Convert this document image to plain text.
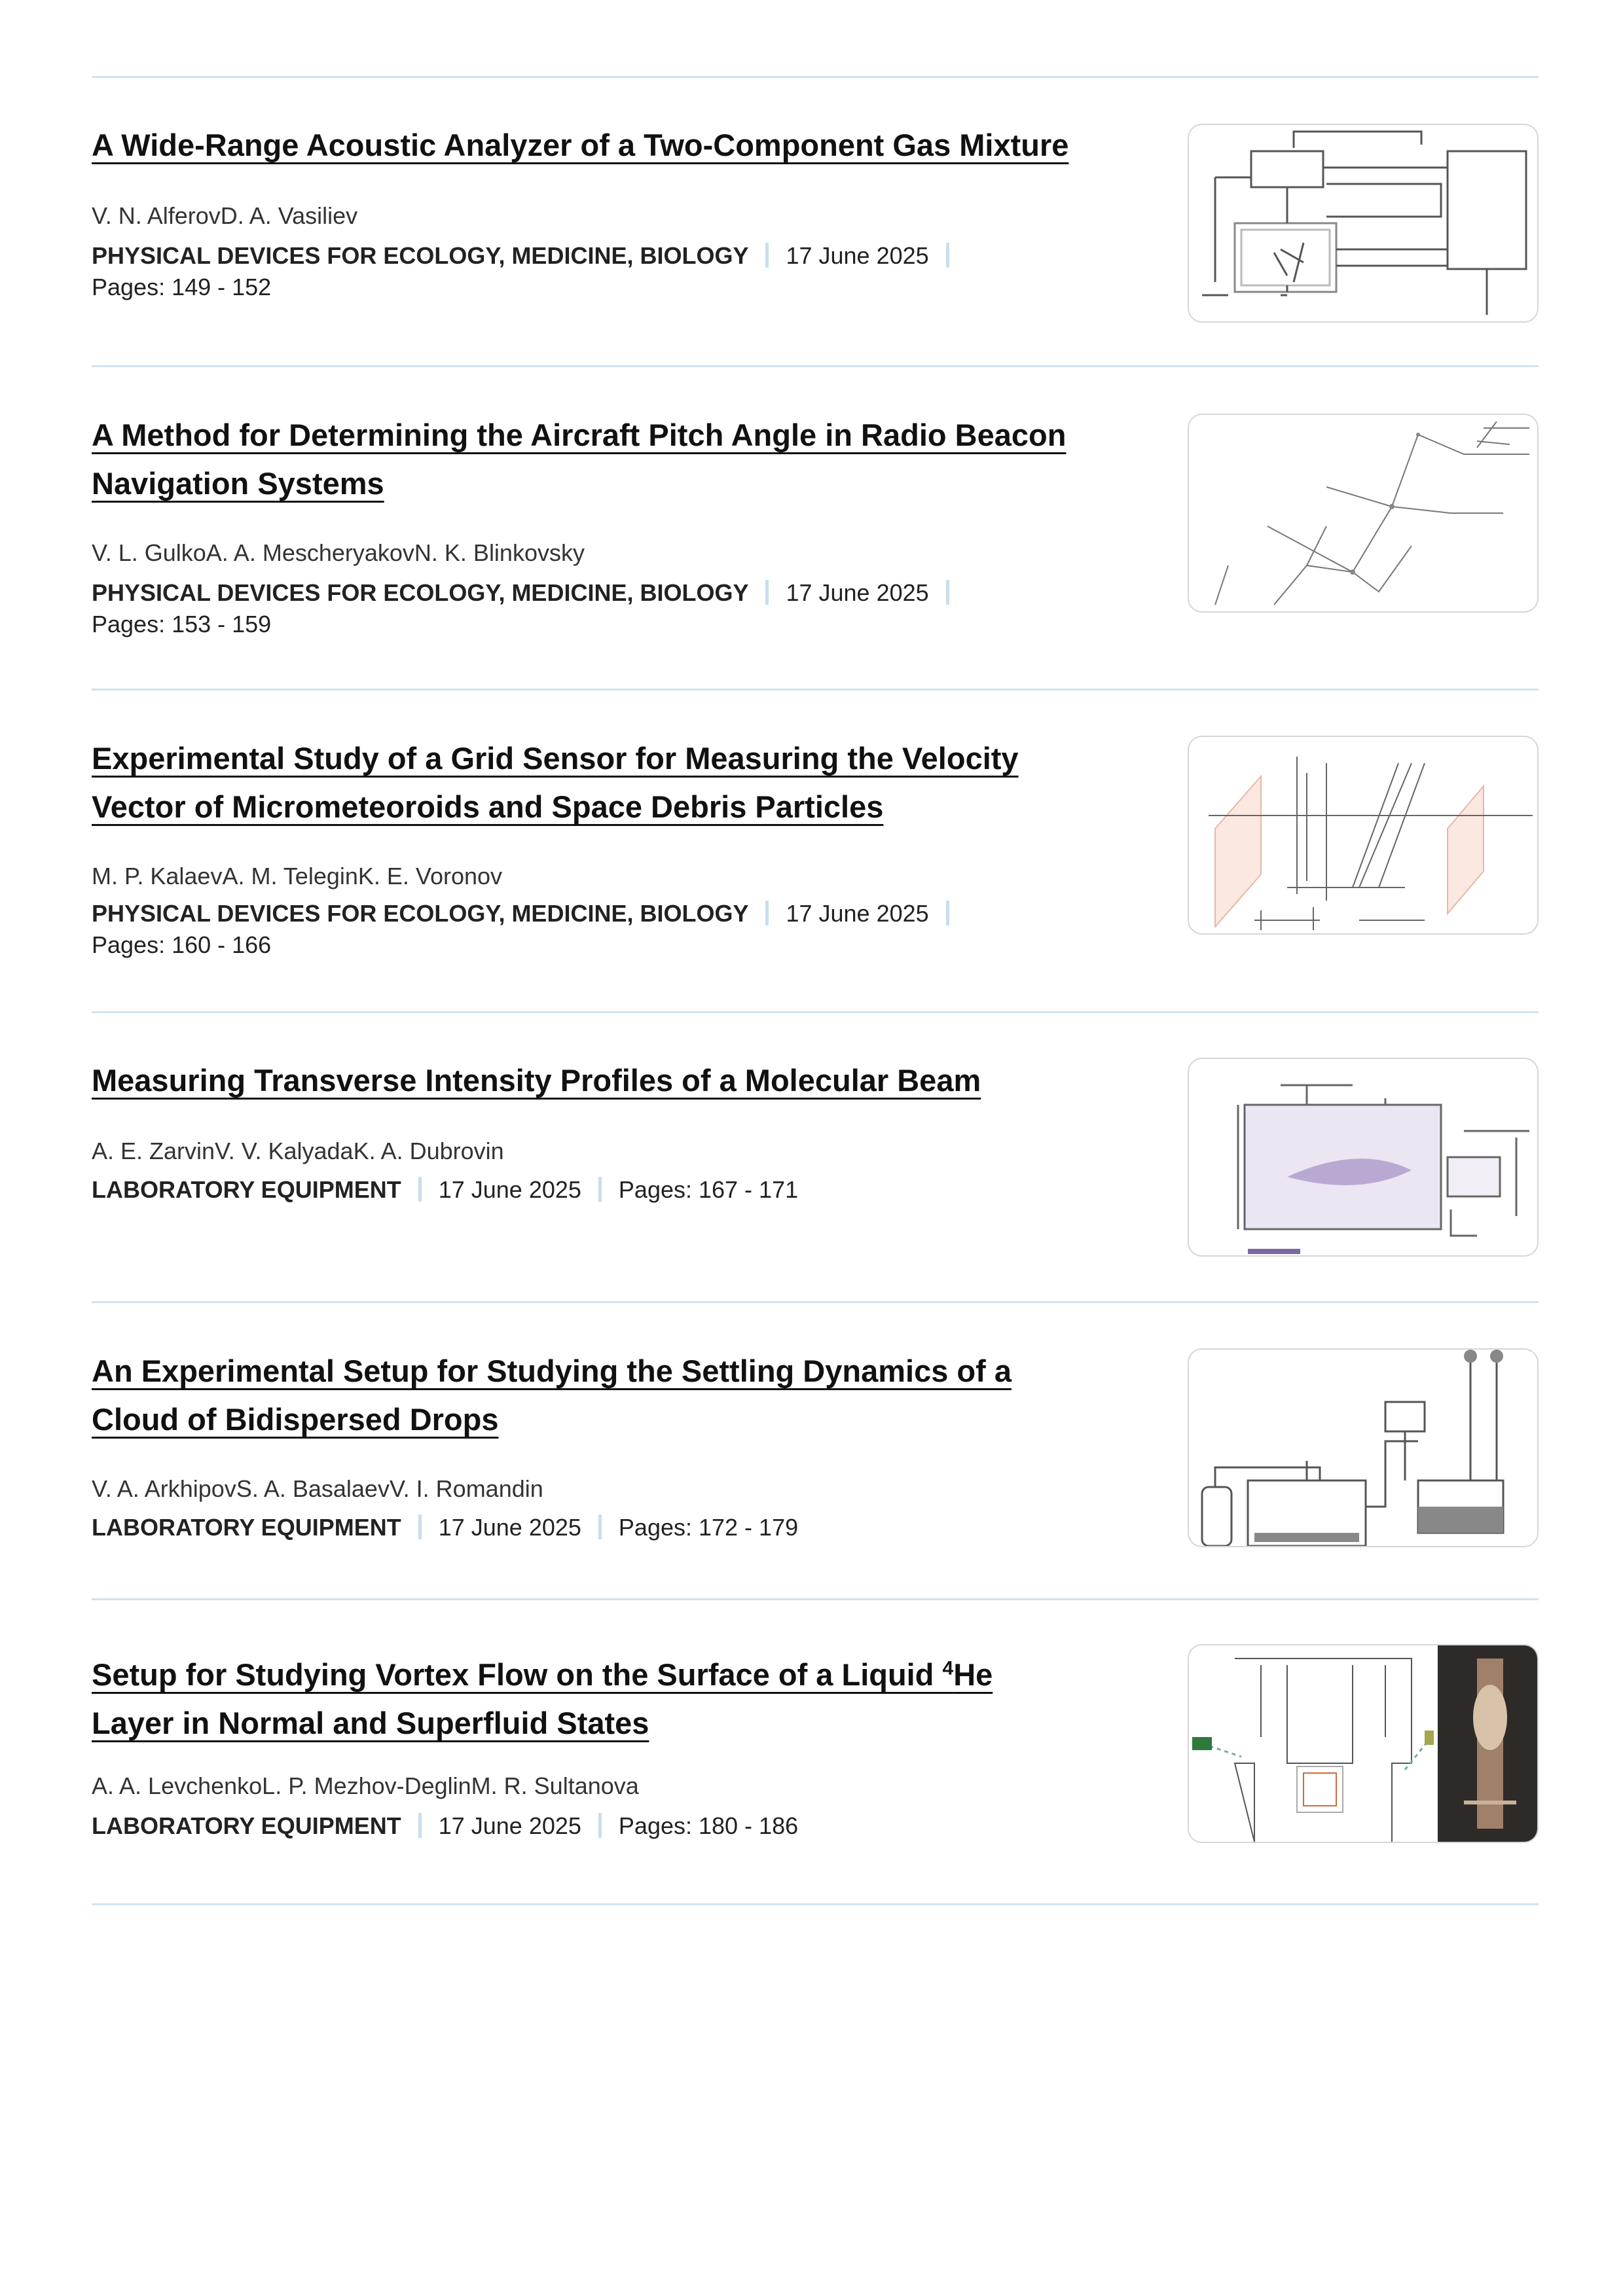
A Wide-Range Acoustic Analyzer of a Two-Component Gas Mixture
V. N. AlferovD. A. Vasiliev
PHYSICAL DEVICES FOR ECOLOGY, MEDICINE, BIOLOGY 17 June 2025
Pages: 149 - 152
A Method for Determining the Aircraft Pitch Angle in Radio Beacon
Navigation Systems
V. L. GulkoA. A. MescheryakovN. K. Blinkovsky
PHYSICAL DEVICES FOR ECOLOGY, MEDICINE, BIOLOGY 17 June 2025
Pages: 153 - 159
Experimental Study of a Grid Sensor for Measuring the Velocity
Vector of Micrometeoroids and Space Debris Particles
M. P. KalaevA. M. TeleginK. E. Voronov
PHYSICAL DEVICES FOR ECOLOGY, MEDICINE, BIOLOGY 17 June 2025
Pages: 160 - 166
Measuring Transverse Intensity Profiles of a Molecular Beam
A. E. ZarvinV. V. KalyadaK. A. Dubrovin
LABORATORY EQUIPMENT 17 June 2025 Pages: 167 - 171
An Experimental Setup for Studying the Settling Dynamics of a
Cloud of Bidispersed Drops
V. A. ArkhipovS. A. BasalaevV. I. Romandin
LABORATORY EQUIPMENT 17 June 2025 Pages: 172 - 179
Setup for Studying Vortex Flow on the Surface of a Liquid $^4$He
Layer in Normal and Superfluid States
A. A. LevchenkoL. P. Mezhov-DeglinM. R. Sultanova
LABORATORY EQUIPMENT 17 June 2025 Pages: 180 - 186
